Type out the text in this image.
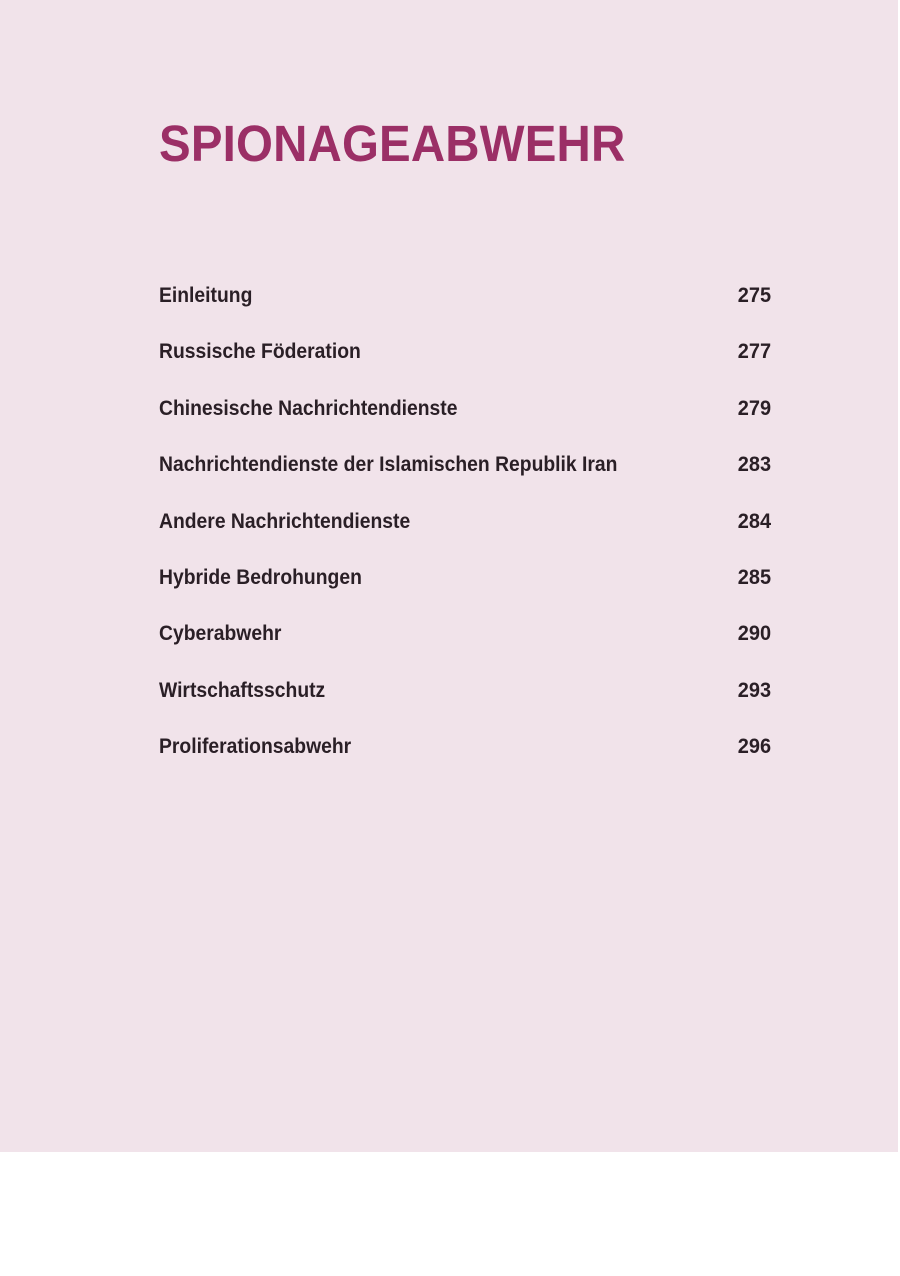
SPIONAGEABWEHR
Einleitung	275
Russische Föderation	277
Chinesische Nachrichtendienste	279
Nachrichtendienste der Islamischen Republik Iran	283
Andere Nachrichtendienste	284
Hybride Bedrohungen	285
Cyberabwehr	290
Wirtschaftsschutz	293
Proliferationsabwehr	296
